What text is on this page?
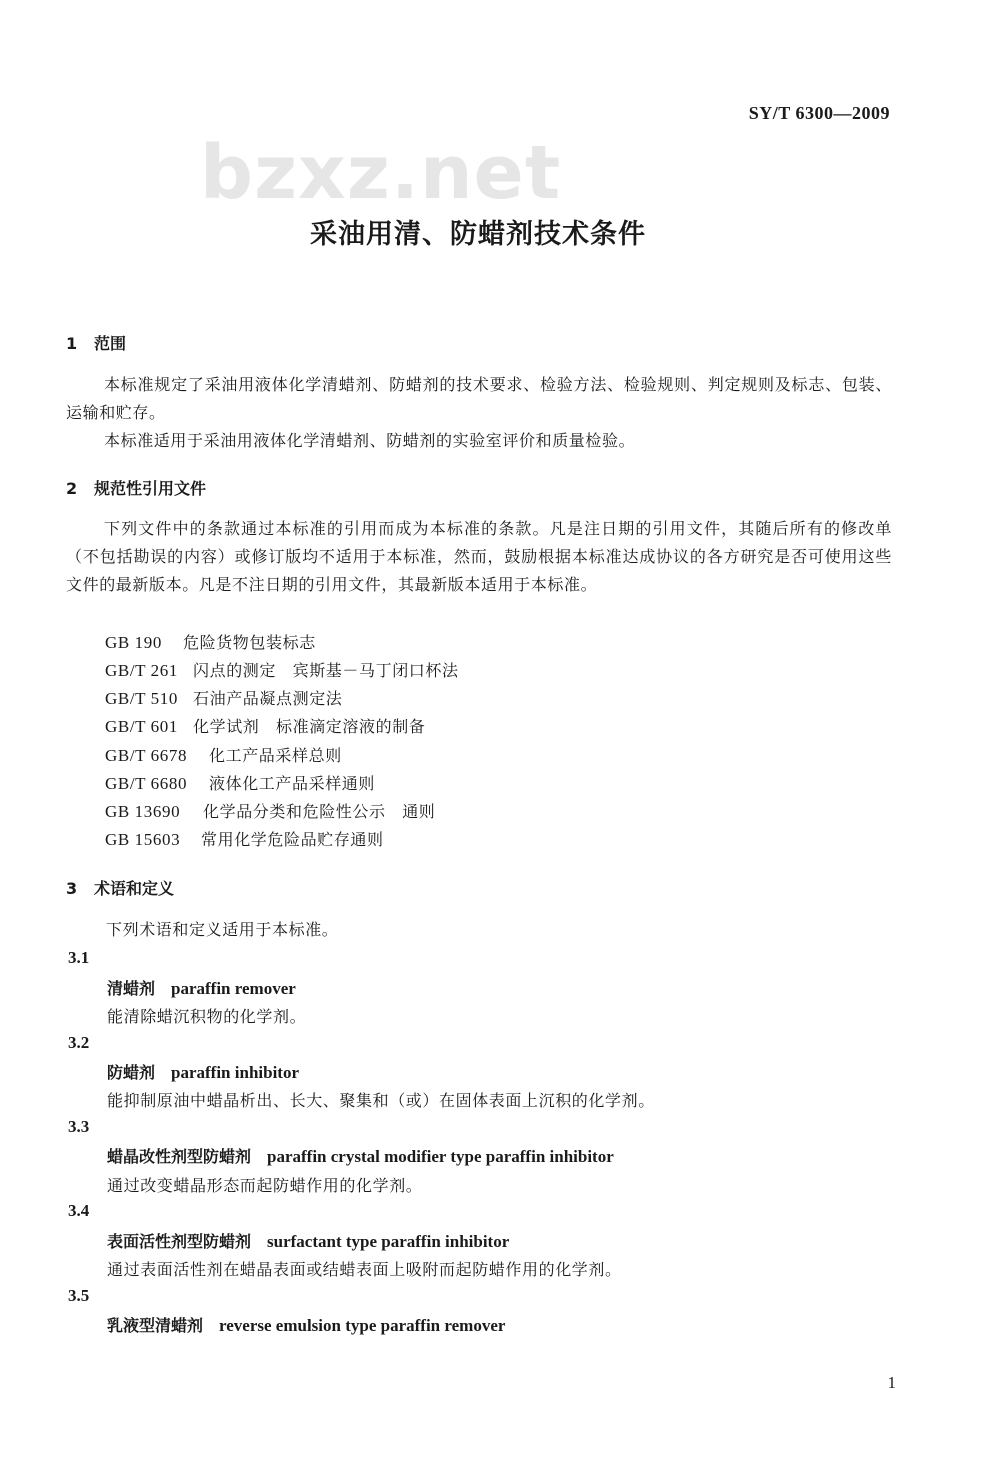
bzxz.net
SY/T 6300—2009
采油用清、防蜡剂技术条件
1 范围
本标准规定了采油用液体化学清蜡剂、防蜡剂的技术要求、检验方法、检验规则、判定规则及标志、包装、运输和贮存。
本标准适用于采油用液体化学清蜡剂、防蜡剂的实验室评价和质量检验。
2 规范性引用文件
下列文件中的条款通过本标准的引用而成为本标准的条款。凡是注日期的引用文件，其随后所有的修改单（不包括勘误的内容）或修订版均不适用于本标准，然而，鼓励根据本标准达成协议的各方研究是否可使用这些文件的最新版本。凡是不注日期的引用文件，其最新版本适用于本标准。
GB 190 危险货物包装标志
GB/T 261 闪点的测定　宾斯基－马丁闭口杯法
GB/T 510 石油产品凝点测定法
GB/T 601 化学试剂　标准滴定溶液的制备
GB/T 6678 化工产品采样总则
GB/T 6680 液体化工产品采样通则
GB 13690 化学品分类和危险性公示　通则
GB 15603 常用化学危险品贮存通则
3 术语和定义
下列术语和定义适用于本标准。
3.1
清蜡剂 paraffin remover
能清除蜡沉积物的化学剂。
3.2
防蜡剂 paraffin inhibitor
能抑制原油中蜡晶析出、长大、聚集和（或）在固体表面上沉积的化学剂。
3.3
蜡晶改性剂型防蜡剂 paraffin crystal modifier type paraffin inhibitor
通过改变蜡晶形态而起防蜡作用的化学剂。
3.4
表面活性剂型防蜡剂 surfactant type paraffin inhibitor
通过表面活性剂在蜡晶表面或结蜡表面上吸附而起防蜡作用的化学剂。
3.5
乳液型清蜡剂 reverse emulsion type paraffin remover
1
